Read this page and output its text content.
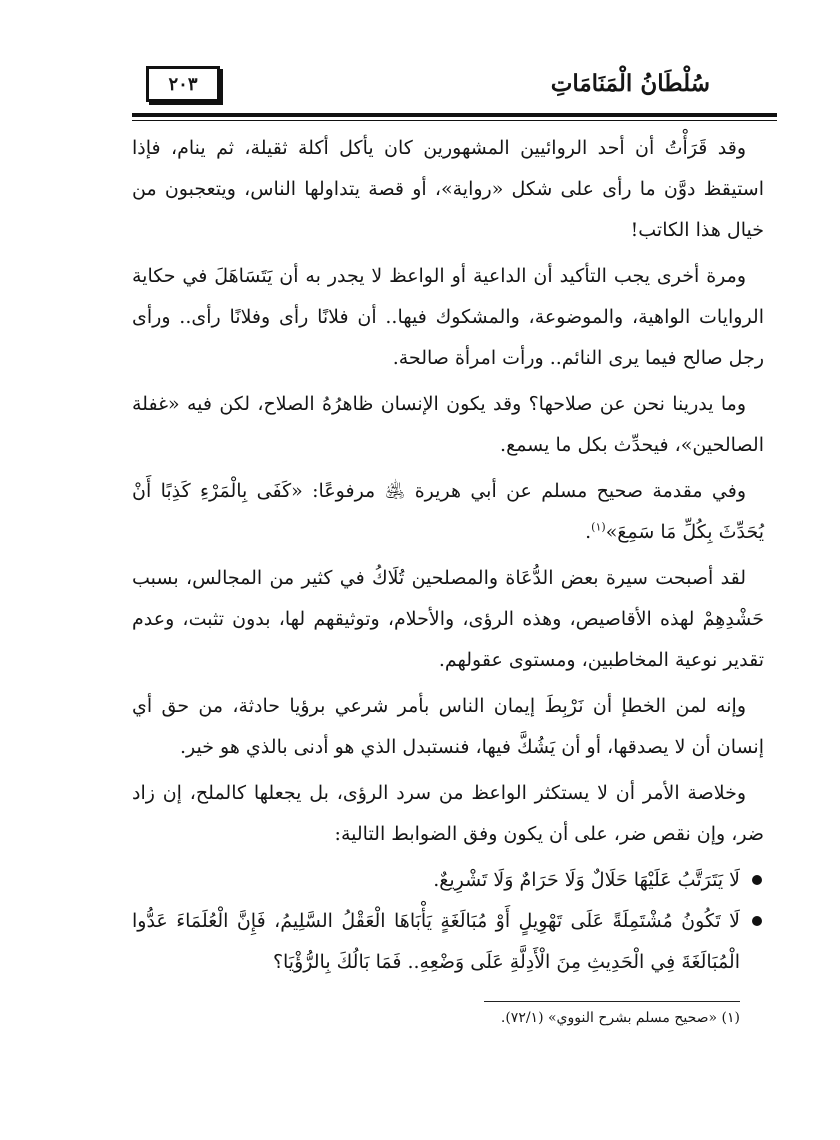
سُلْطَانُ الْمَنَامَاتِ
٢٠٣

وقد قَرَأْتُ أن أحد الروائيين المشهورين كان يأكل أكلة ثقيلة، ثم ينام، فإذا استيقظ دوَّن ما رأى على شكل «رواية»، أو قصة يتداولها الناس، ويتعجبون من خيال هذا الكاتب!

ومرة أخرى يجب التأكيد أن الداعية أو الواعظ لا يجدر به أن يَتَسَاهَلَ في حكاية الروايات الواهية، والموضوعة، والمشكوك فيها.. أن فلانًا رأى وفلانًا رأى.. ورأى رجل صالح فيما يرى النائم.. ورأت امرأة صالحة.

وما يدرينا نحن عن صلاحها؟ وقد يكون الإنسان ظاهرُهُ الصلاح، لكن فيه «غفلة الصالحين»، فيحدِّث بكل ما يسمع.

وفي مقدمة صحيح مسلم عن أبي هريرة ﵁ مرفوعًا: «كَفَى بِالْمَرْءِ كَذِبًا أَنْ يُحَدِّثَ بِكُلِّ مَا سَمِعَ»$^{(١)}$.

لقد أصبحت سيرة بعض الدُّعَاة والمصلحين تُلَاكُ في كثير من المجالس، بسبب حَشْدِهِمْ لهذه الأقاصيص، وهذه الرؤى، والأحلام، وتوثيقهم لها، بدون تثبت، وعدم تقدير نوعية المخاطبين، ومستوى عقولهم.

وإنه لمن الخطإ أن نَرْبِطَ إيمان الناس بأمر شرعي برؤيا حادثة، من حق أي إنسان أن لا يصدقها، أو أن يَشُكَّ فيها، فنستبدل الذي هو أدنى بالذي هو خير.

وخلاصة الأمر أن لا يستكثر الواعظ من سرد الرؤى، بل يجعلها كالملح، إن زاد ضر، وإن نقص ضر، على أن يكون وفق الضوابط التالية:

لَا يَتَرَتَّبُ عَلَيْهَا حَلَالٌ وَلَا حَرَامٌ وَلَا تَشْرِيعٌ.
لَا تَكُونُ مُشْتَمِلَةً عَلَى تَهْوِيلٍ أَوْ مُبَالَغَةٍ يَأْبَاهَا الْعَقْلُ السَّلِيمُ، فَإِنَّ الْعُلَمَاءَ عَدُّوا الْمُبَالَغَةَ فِي الْحَدِيثِ مِنَ الْأَدِلَّةِ عَلَى وَضْعِهِ.. فَمَا بَالُكَ بِالرُّؤْيَا؟
(١) «صحيح مسلم بشرح النووي» (٧٢/١).
